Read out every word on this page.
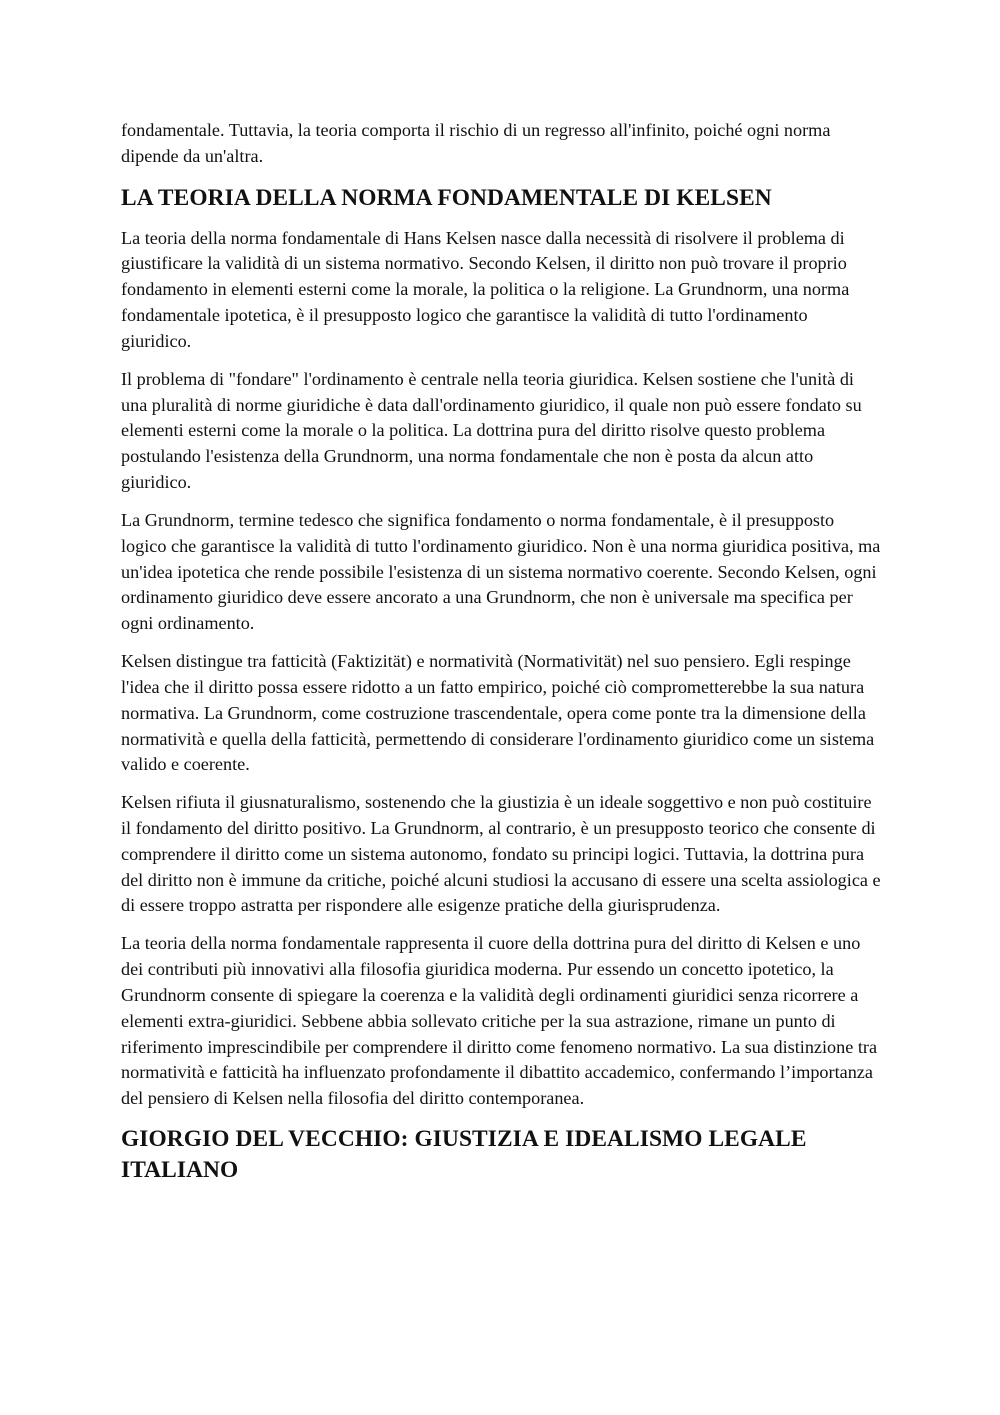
fondamentale. Tuttavia, la teoria comporta il rischio di un regresso all'infinito, poiché ogni norma dipende da un'altra.

LA TEORIA DELLA NORMA FONDAMENTALE DI KELSEN

La teoria della norma fondamentale di Hans Kelsen nasce dalla necessità di risolvere il problema di giustificare la validità di un sistema normativo. Secondo Kelsen, il diritto non può trovare il proprio fondamento in elementi esterni come la morale, la politica o la religione. La Grundnorm, una norma fondamentale ipotetica, è il presupposto logico che garantisce la validità di tutto l'ordinamento giuridico.

Il problema di "fondare" l'ordinamento è centrale nella teoria giuridica. Kelsen sostiene che l'unità di una pluralità di norme giuridiche è data dall'ordinamento giuridico, il quale non può essere fondato su elementi esterni come la morale o la politica. La dottrina pura del diritto risolve questo problema postulando l'esistenza della Grundnorm, una norma fondamentale che non è posta da alcun atto giuridico.

La Grundnorm, termine tedesco che significa fondamento o norma fondamentale, è il presupposto logico che garantisce la validità di tutto l'ordinamento giuridico. Non è una norma giuridica positiva, ma un'idea ipotetica che rende possibile l'esistenza di un sistema normativo coerente. Secondo Kelsen, ogni ordinamento giuridico deve essere ancorato a una Grundnorm, che non è universale ma specifica per ogni ordinamento.

Kelsen distingue tra fatticità (Faktizität) e normatività (Normativität) nel suo pensiero. Egli respinge l'idea che il diritto possa essere ridotto a un fatto empirico, poiché ciò comprometterebbe la sua natura normativa. La Grundnorm, come costruzione trascendentale, opera come ponte tra la dimensione della normatività e quella della fatticità, permettendo di considerare l'ordinamento giuridico come un sistema valido e coerente.

Kelsen rifiuta il giusnaturalismo, sostenendo che la giustizia è un ideale soggettivo e non può costituire il fondamento del diritto positivo. La Grundnorm, al contrario, è un presupposto teorico che consente di comprendere il diritto come un sistema autonomo, fondato su principi logici. Tuttavia, la dottrina pura del diritto non è immune da critiche, poiché alcuni studiosi la accusano di essere una scelta assiologica e di essere troppo astratta per rispondere alle esigenze pratiche della giurisprudenza.

La teoria della norma fondamentale rappresenta il cuore della dottrina pura del diritto di Kelsen e uno dei contributi più innovativi alla filosofia giuridica moderna. Pur essendo un concetto ipotetico, la Grundnorm consente di spiegare la coerenza e la validità degli ordinamenti giuridici senza ricorrere a elementi extra-giuridici. Sebbene abbia sollevato critiche per la sua astrazione, rimane un punto di riferimento imprescindibile per comprendere il diritto come fenomeno normativo. La sua distinzione tra normatività e fatticità ha influenzato profondamente il dibattito accademico, confermando l’importanza del pensiero di Kelsen nella filosofia del diritto contemporanea.

GIORGIO DEL VECCHIO: GIUSTIZIA E IDEALISMO LEGALE ITALIANO
